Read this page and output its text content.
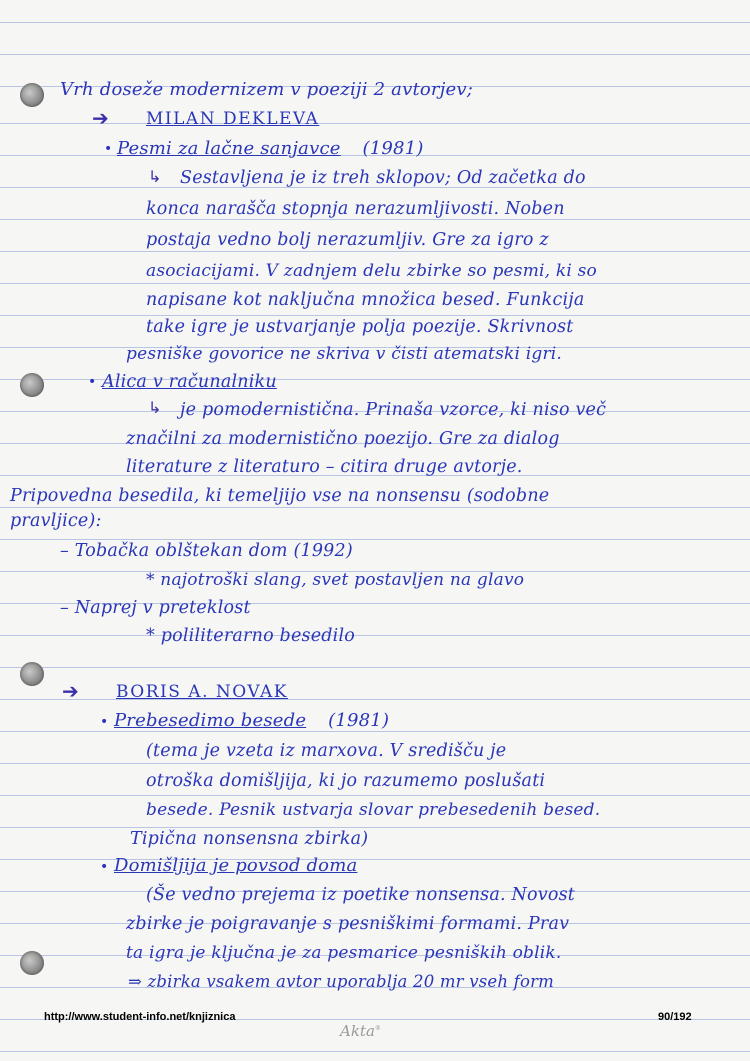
Vrh doseže modernizem v poeziji 2 avtorjev;
➔ MILAN DEKLEVA
• Pesmi za lačne sanjavce (1981)
↳ Sestavljena je iz treh sklopov; Od začetka do
konca narašča stopnja nerazumljivosti. Noben
postaja vedno bolj nerazumljiv. Gre za igro z
asociacijami. V zadnjem delu zbirke so pesmi, ki so
napisane kot naključna množica besed. Funkcija
take igre je ustvarjanje polja poezije. Skrivnost
pesniške govorice ne skriva v čisti atematski igri.
• Alica v računalniku
↳ je pomodernistična. Prinaša vzorce, ki niso več
značilni za modernistično poezijo. Gre za dialog
literature z literaturo – citira druge avtorje.
Pripovedna besedila, ki temeljijo vse na nonsensu (sodobne
pravljice):
– Tobačka oblštekan dom (1992)
* najotroški slang, svet postavljen na glavo
– Naprej v preteklost
* poliliterarno besedilo
➔ BORIS A. NOVAK
• Prebesedimo besede (1981)
(tema je vzeta iz marxova. V središču je
otroška domišljija, ki jo razumemo poslušati
besede. Pesnik ustvarja slovar prebesedenih besed.
Tipična nonsensna zbirka)
• Domišljija je povsod doma
(Še vedno prejema iz poetike nonsensa. Novost
zbirke je poigravanje s pesniškimi formami. Prav
ta igra je ključna je za pesmarice pesniških oblik.
⇒ zbirka vsakem avtor uporablja 20 mr vseh form
http://www.student-info.net/knjiznica	90/192
Akta®
